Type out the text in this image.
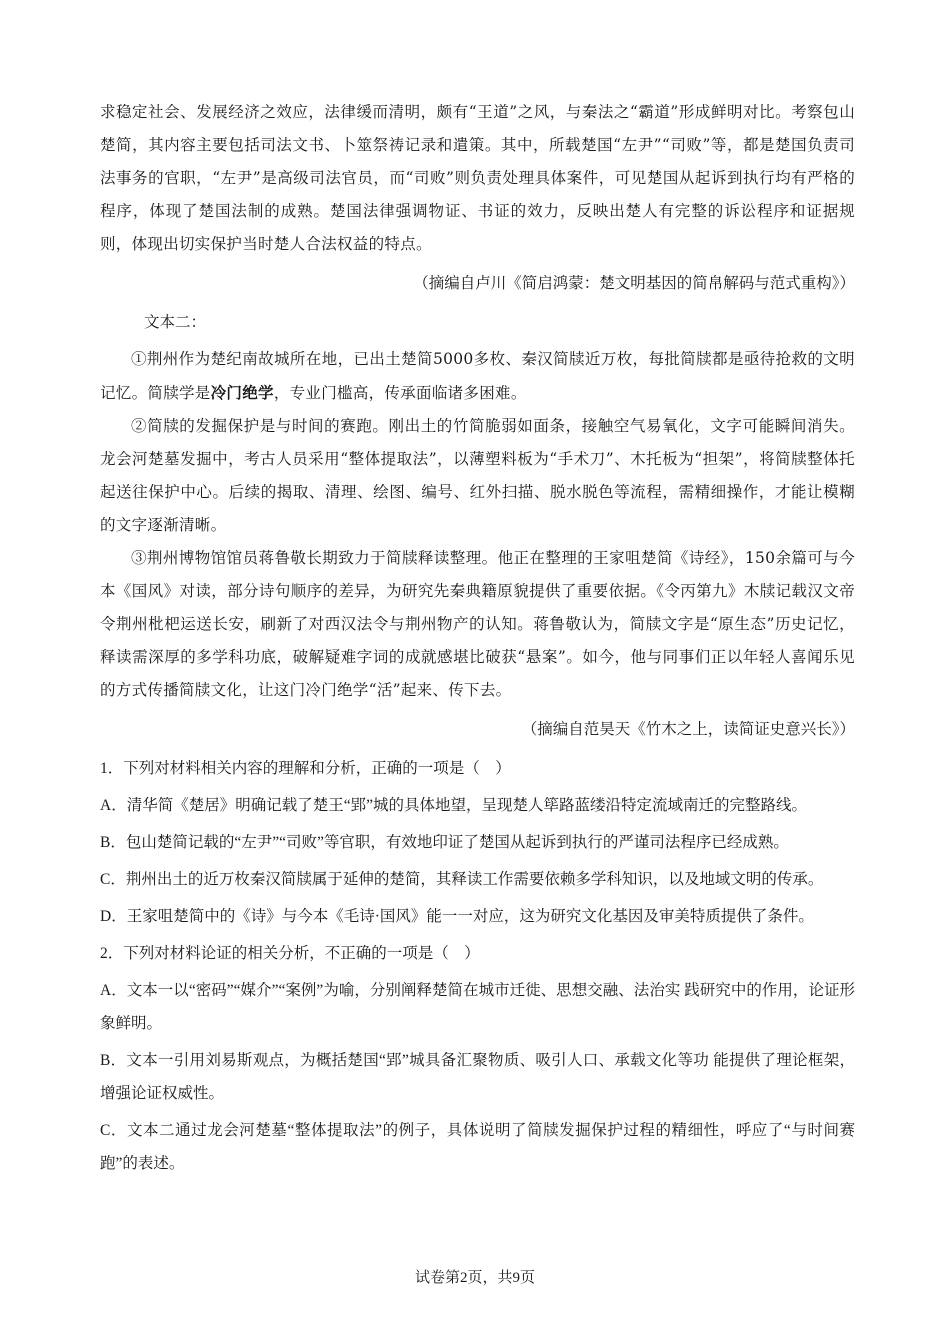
求稳定社会、发展经济之效应，法律缓而清明，颇有“王道”之风，与秦法之“霸道”形成鲜明对比。考察包山楚简，其内容主要包括司法文书、卜筮祭祷记录和遣策。其中，所载楚国“左尹”“司败”等，都是楚国负责司法事务的官职，“左尹”是高级司法官员，而“司败”则负责处理具体案件，可见楚国从起诉到执行均有严格的程序，体现了楚国法制的成熟。楚国法律强调物证、书证的效力，反映出楚人有完整的诉讼程序和证据规则，体现出切实保护当时楚人合法权益的特点。

（摘编自卢川《简启鸿蒙：楚文明基因的简帛解码与范式重构》）

文本二：

①荆州作为楚纪南故城所在地，已出土楚简5000多枚、秦汉简牍近万枚，每批简牍都是亟待抢救的文明记忆。简牍学是冷门绝学，专业门槛高，传承面临诸多困难。

②简牍的发掘保护是与时间的赛跑。刚出土的竹简脆弱如面条，接触空气易氧化，文字可能瞬间消失。龙会河楚墓发掘中，考古人员采用“整体提取法”，以薄塑料板为“手术刀”、木托板为“担架”，将简牍整体托起送往保护中心。后续的揭取、清理、绘图、编号、红外扫描、脱水脱色等流程，需精细操作，才能让模糊的文字逐渐清晰。

③荆州博物馆馆员蒋鲁敬长期致力于简牍释读整理。他正在整理的王家咀楚简《诗经》，150余篇可与今本《国风》对读，部分诗句顺序的差异，为研究先秦典籍原貌提供了重要依据。《令丙第九》木牍记载汉文帝令荆州枇杷运送长安，刷新了对西汉法令与荆州物产的认知。蒋鲁敬认为，简牍文字是“原生态”历史记忆，释读需深厚的多学科功底，破解疑难字词的成就感堪比破获“悬案”。如今，他与同事们正以年轻人喜闻乐见的方式传播简牍文化，让这门冷门绝学“活”起来、传下去。

（摘编自范昊天《竹木之上，读简证史意兴长》）

1．下列对材料相关内容的理解和分析，正确的一项是（　）

A．清华简《楚居》明确记载了楚王“郢”城的具体地望，呈现楚人筚路蓝缕沿特定流域南迁的完整路线。

B．包山楚简记载的“左尹”“司败”等官职，有效地印证了楚国从起诉到执行的严谨司法程序已经成熟。

C．荆州出土的近万枚秦汉简牍属于延伸的楚简，其释读工作需要依赖多学科知识，以及地域文明的传承。

D．王家咀楚简中的《诗》与今本《毛诗·国风》能一一对应，这为研究文化基因及审美特质提供了条件。

2．下列对材料论证的相关分析，不正确的一项是（　）

A．文本一以“密码”“媒介”“案例”为喻，分别阐释楚简在城市迁徙、思想交融、法治实 践研究中的作用，论证形象鲜明。

B．文本一引用刘易斯观点，为概括楚国“郢”城具备汇聚物质、吸引人口、承载文化等功 能提供了理论框架，增强论证权威性。

C．文本二通过龙会河楚墓“整体提取法”的例子，具体说明了简牍发掘保护过程的精细性，呼应了“与时间赛跑”的表述。

试卷第2页，共9页
